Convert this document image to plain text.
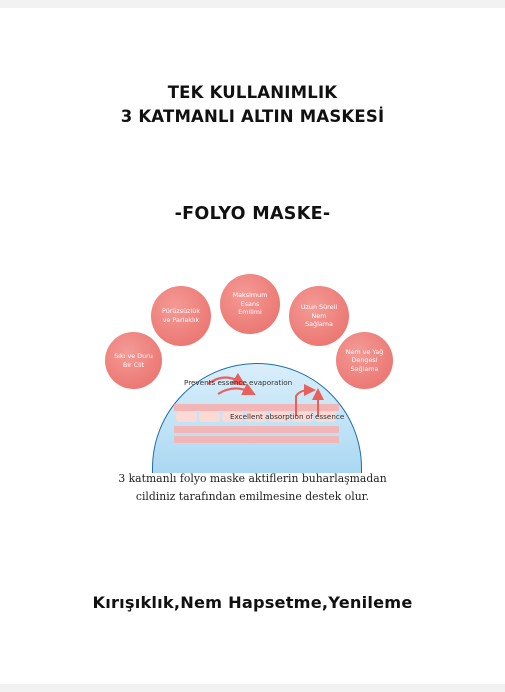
TEK KULLANIMLIK
3 KATMANLI ALTIN MASKESİ
-FOLYO MASKE-
Prevents essence evaporation
Excellent absorption of essence
Sıkı ve Duru
Bir Cilt
Pürüzsüzlük
ve Parlaklık
Maksimum
Esans
Emilimi
Uzun Süreli
Nem
Sağlama
Nem ve Yağ
Dengesi
Sağlama
3 katmanlı folyo maske aktiflerin buharlaşmadan
cildiniz tarafından emilmesine destek olur.
Kırışıklık,Nem Hapsetme,Yenileme
